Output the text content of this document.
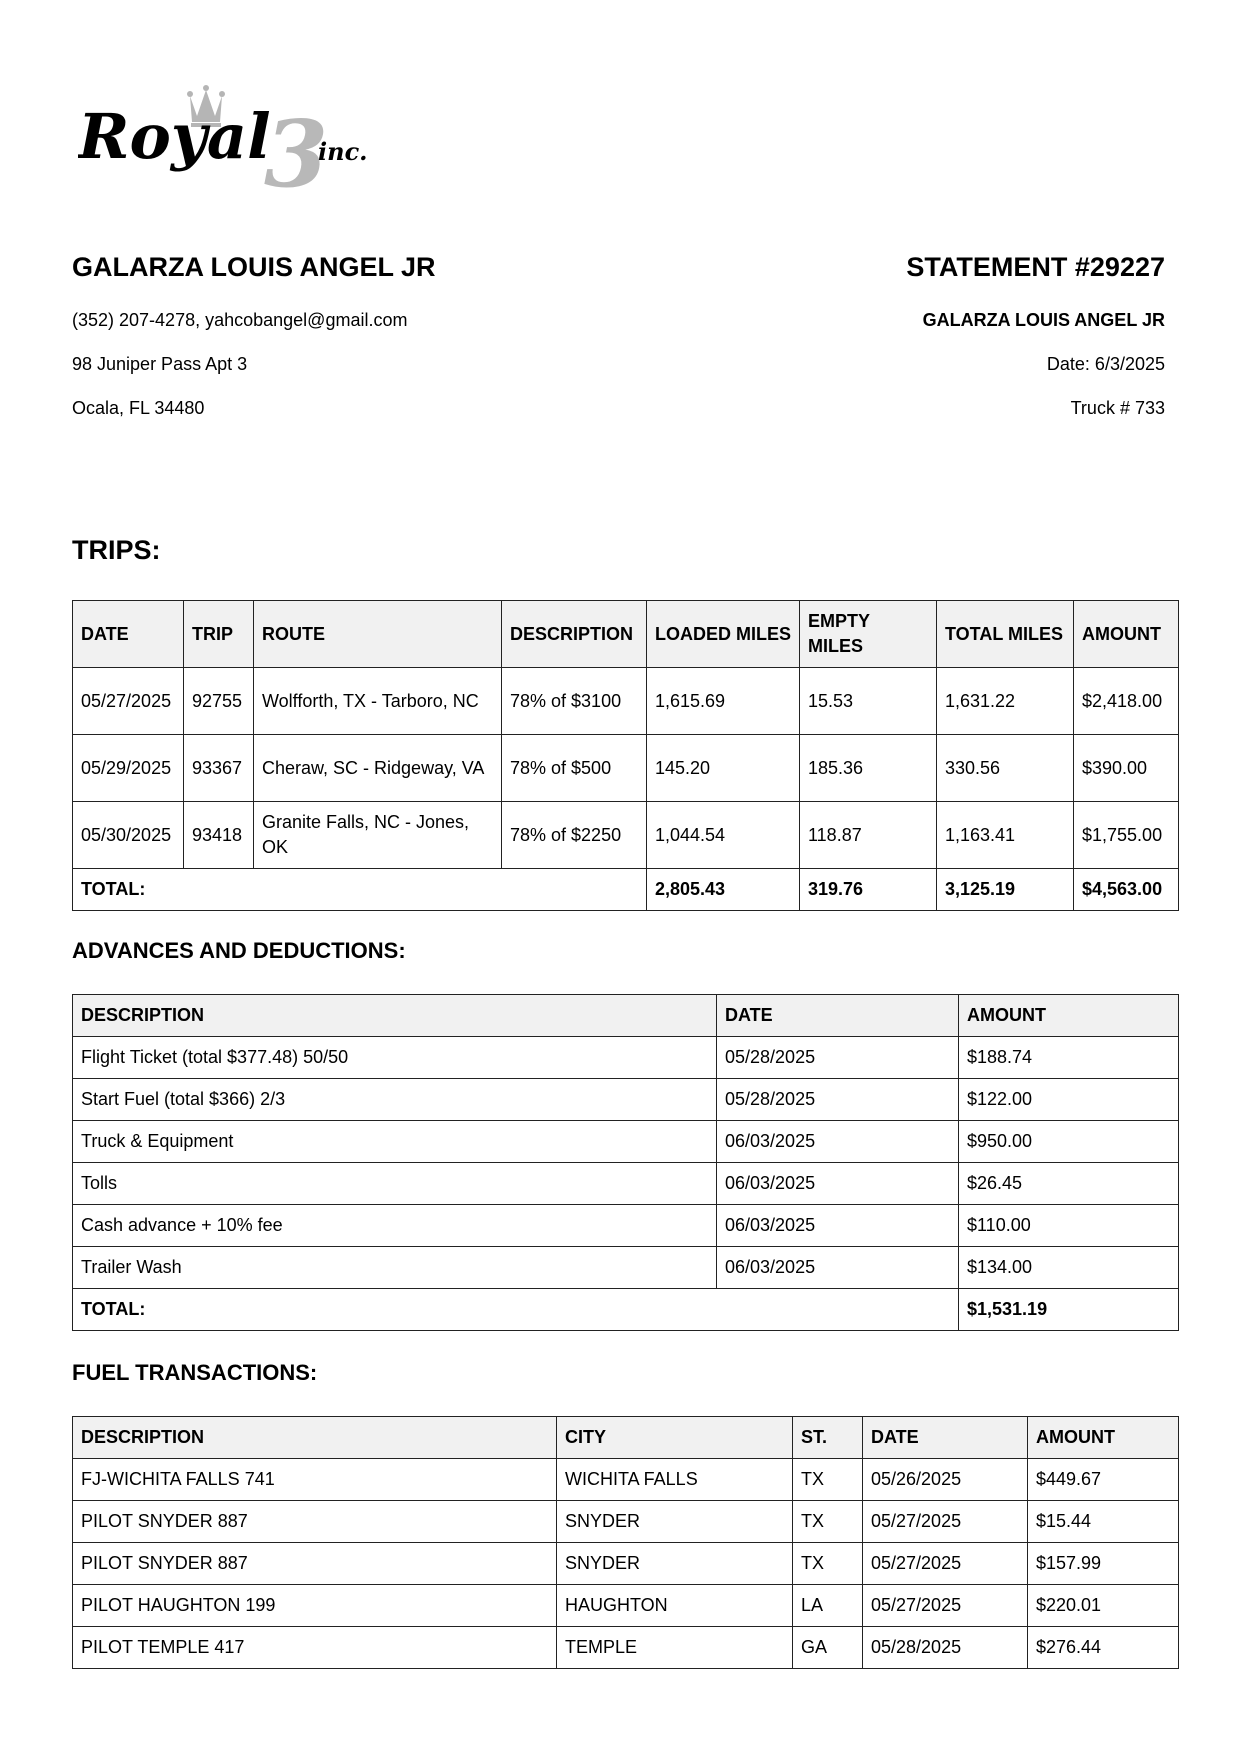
3
Royal inc.
GALARZA LOUIS ANGEL JR
(352) 207-4278, yahcobangel@gmail.com
98 Juniper Pass Apt 3
Ocala, FL 34480
STATEMENT #29227
GALARZA LOUIS ANGEL JR
Date: 6/3/2025
Truck # 733
TRIPS:
DATE	TRIP	ROUTE	DESCRIPTION	LOADED MILES	EMPTY MILES	TOTAL MILES	AMOUNT
05/27/2025	92755	Wolfforth, TX - Tarboro, NC	78% of $3100	1,615.69	15.53	1,631.22	$2,418.00
05/29/2025	93367	Cheraw, SC - Ridgeway, VA	78% of $500	145.20	185.36	330.56	$390.00
05/30/2025	93418	Granite Falls, NC - Jones, OK	78% of $2250	1,044.54	118.87	1,163.41	$1,755.00
TOTAL:				2,805.43	319.76	3,125.19	$4,563.00
ADVANCES AND DEDUCTIONS:
DESCRIPTION	DATE	AMOUNT
Flight Ticket (total $377.48) 50/50	05/28/2025	$188.74
Start Fuel (total $366) 2/3	05/28/2025	$122.00
Truck & Equipment	06/03/2025	$950.00
Tolls	06/03/2025	$26.45
Cash advance + 10% fee	06/03/2025	$110.00
Trailer Wash	06/03/2025	$134.00
TOTAL:		$1,531.19
FUEL TRANSACTIONS:
DESCRIPTION	CITY	ST.	DATE	AMOUNT
FJ-WICHITA FALLS 741	WICHITA FALLS	TX	05/26/2025	$449.67
PILOT SNYDER 887	SNYDER	TX	05/27/2025	$15.44
PILOT SNYDER 887	SNYDER	TX	05/27/2025	$157.99
PILOT HAUGHTON 199	HAUGHTON	LA	05/27/2025	$220.01
PILOT TEMPLE 417	TEMPLE	GA	05/28/2025	$276.44
